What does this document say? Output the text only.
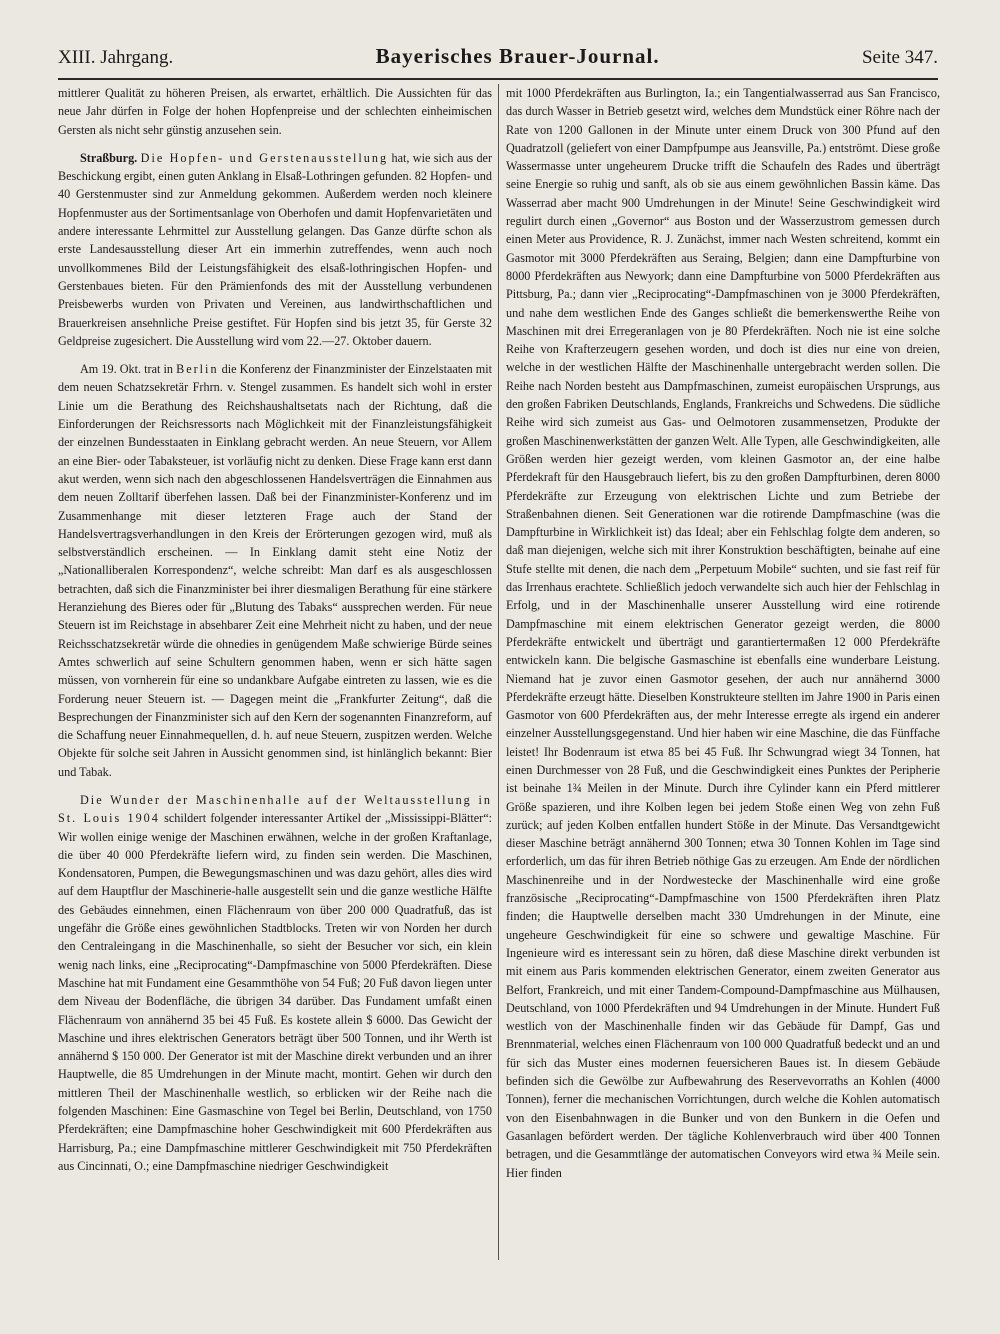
XIII. Jahrgang.	Bayerisches Brauer-Journal.	Seite 347.

mittlerer Qualität zu höheren Preisen, als erwartet, erhältlich. Die Aussichten für das neue Jahr dürfen in Folge der hohen Hopfenpreise und der schlechten einheimischen Gersten als nicht sehr günstig anzusehen sein.

Straßburg. Die Hopfen- und Gerstenausstellung hat, wie sich aus der Beschickung ergibt, einen guten Anklang in Elsaß-Lothringen gefunden. 82 Hopfen- und 40 Gerstenmuster sind zur Anmeldung gekommen. Außerdem werden noch kleinere Hopfenmuster aus der Sortimentsanlage von Oberhofen und damit Hopfenvarietäten und andere interessante Lehrmittel zur Ausstellung gelangen. Das Ganze dürfte schon als erste Landesausstellung dieser Art ein immerhin zutreffendes, wenn auch noch unvollkommenes Bild der Leistungsfähigkeit des elsaß-lothringischen Hopfen- und Gerstenbaues bieten. Für den Prämienfonds des mit der Ausstellung verbundenen Preisbewerbs wurden von Privaten und Vereinen, aus landwirthschaftlichen und Brauerkreisen ansehnliche Preise gestiftet. Für Hopfen sind bis jetzt 35, für Gerste 32 Geldpreise zugesichert. Die Ausstellung wird vom 22.—27. Oktober dauern.

Am 19. Okt. trat in Berlin die Konferenz der Finanzminister der Einzelstaaten mit dem neuen Schatzsekretär Frhrn. v. Stengel zusammen. Es handelt sich wohl in erster Linie um die Berathung des Reichshaushaltsetats nach der Richtung, daß die Einforderungen der Reichsressorts nach Möglichkeit mit der Finanzleistungsfähigkeit der einzelnen Bundesstaaten in Einklang gebracht werden. An neue Steuern, vor Allem an eine Bier- oder Tabaksteuer, ist vorläufig nicht zu denken. Diese Frage kann erst dann akut werden, wenn sich nach den abgeschlossenen Handelsverträgen die Einnahmen aus dem neuen Zolltarif überfehen lassen. Daß bei der Finanzminister-Konferenz und im Zusammenhange mit dieser letzteren Frage auch der Stand der Handelsvertragsverhandlungen in den Kreis der Erörterungen gezogen wird, muß als selbstverständlich erscheinen. — In Einklang damit steht eine Notiz der „Nationalliberalen Korrespondenz“, welche schreibt: Man darf es als ausgeschlossen betrachten, daß sich die Finanzminister bei ihrer diesmaligen Berathung für eine stärkere Heranziehung des Bieres oder für „Blutung des Tabaks“ aussprechen werden. Für neue Steuern ist im Reichstage in absehbarer Zeit eine Mehrheit nicht zu haben, und der neue Reichsschatzsekretär würde die ohnedies in genügendem Maße schwierige Bürde seines Amtes schwerlich auf seine Schultern genommen haben, wenn er sich hätte sagen müssen, von vornherein für eine so undankbare Aufgabe eintreten zu lassen, wie es die Forderung neuer Steuern ist. — Dagegen meint die „Frankfurter Zeitung“, daß die Besprechungen der Finanzminister sich auf den Kern der sogenannten Finanzreform, auf die Schaffung neuer Einnahmequellen, d. h. auf neue Steuern, zuspitzen werden. Welche Objekte für solche seit Jahren in Aussicht genommen sind, ist hinlänglich bekannt: Bier und Tabak.

Die Wunder der Maschinenhalle auf der Weltausstellung in St. Louis 1904 schildert folgender interessanter Artikel der „Mississippi-Blätter“: Wir wollen einige wenige der Maschinen erwähnen, welche in der großen Kraftanlage, die über 40 000 Pferdekräfte liefern wird, zu finden sein werden. Die Maschinen, Kondensatoren, Pumpen, die Bewegungsmaschinen und was dazu gehört, alles dies wird auf dem Hauptflur der Maschinerie-halle ausgestellt sein und die ganze westliche Hälfte des Gebäudes einnehmen, einen Flächenraum von über 200 000 Quadratfuß, das ist ungefähr die Größe eines gewöhnlichen Stadtblocks. Treten wir von Norden her durch den Centraleingang in die Maschinenhalle, so sieht der Besucher vor sich, ein klein wenig nach links, eine „Reciprocating“-Dampfmaschine von 5000 Pferdekräften. Diese Maschine hat mit Fundament eine Gesammthöhe von 54 Fuß; 20 Fuß davon liegen unter dem Niveau der Bodenfläche, die übrigen 34 darüber. Das Fundament umfaßt einen Flächenraum von annähernd 35 bei 45 Fuß. Es kostete allein $ 6000. Das Gewicht der Maschine und ihres elektrischen Generators beträgt über 500 Tonnen, und ihr Werth ist annähernd $ 150 000. Der Generator ist mit der Maschine direkt verbunden und an ihrer Hauptwelle, die 85 Umdrehungen in der Minute macht, montirt. Gehen wir durch den mittleren Theil der Maschinenhalle westlich, so erblicken wir der Reihe nach die folgenden Maschinen: Eine Gasmaschine von Tegel bei Berlin, Deutschland, von 1750 Pferdekräften; eine Dampfmaschine hoher Geschwindigkeit mit 600 Pferdekräften aus Harrisburg, Pa.; eine Dampfmaschine mittlerer Geschwindigkeit mit 750 Pferdekräften aus Cincinnati, O.; eine Dampfmaschine niedriger Geschwindigkeit

mit 1000 Pferdekräften aus Burlington, Ia.; ein Tangentialwasserrad aus San Francisco, das durch Wasser in Betrieb gesetzt wird, welches dem Mundstück einer Röhre nach der Rate von 1200 Gallonen in der Minute unter einem Druck von 300 Pfund auf den Quadratzoll (geliefert von einer Dampfpumpe aus Jeansville, Pa.) entströmt. Diese große Wassermasse unter ungeheurem Drucke trifft die Schaufeln des Rades und überträgt seine Energie so ruhig und sanft, als ob sie aus einem gewöhnlichen Bassin käme. Das Wasserrad aber macht 900 Umdrehungen in der Minute! Seine Geschwindigkeit wird regulirt durch einen „Governor“ aus Boston und der Wasserzustrom gemessen durch einen Meter aus Providence, R. J. Zunächst, immer nach Westen schreitend, kommt ein Gasmotor mit 3000 Pferdekräften aus Seraing, Belgien; dann eine Dampfturbine von 8000 Pferdekräften aus Newyork; dann eine Dampfturbine von 5000 Pferdekräften aus Pittsburg, Pa.; dann vier „Reciprocating“-Dampfmaschinen von je 3000 Pferdekräften, und nahe dem westlichen Ende des Ganges schließt die bemerkenswerthe Reihe von Maschinen mit drei Erregeranlagen von je 80 Pferdekräften. Noch nie ist eine solche Reihe von Krafterzeugern gesehen worden, und doch ist dies nur eine von dreien, welche in der westlichen Hälfte der Maschinenhalle untergebracht werden sollen. Die Reihe nach Norden besteht aus Dampfmaschinen, zumeist europäischen Ursprungs, aus den großen Fabriken Deutschlands, Englands, Frankreichs und Schwedens. Die südliche Reihe wird sich zumeist aus Gas- und Oelmotoren zusammensetzen, Produkte der großen Maschinenwerkstätten der ganzen Welt. Alle Typen, alle Geschwindigkeiten, alle Größen werden hier gezeigt werden, vom kleinen Gasmotor an, der eine halbe Pferdekraft für den Hausgebrauch liefert, bis zu den großen Dampfturbinen, deren 8000 Pferdekräfte zur Erzeugung von elektrischen Lichte und zum Betriebe der Straßenbahnen dienen. Seit Generationen war die rotirende Dampfmaschine (was die Dampfturbine in Wirklichkeit ist) das Ideal; aber ein Fehlschlag folgte dem anderen, so daß man diejenigen, welche sich mit ihrer Konstruktion beschäftigten, beinahe auf eine Stufe stellte mit denen, die nach dem „Perpetuum Mobile“ suchten, und sie fast reif für das Irrenhaus erachtete. Schließlich jedoch verwandelte sich auch hier der Fehlschlag in Erfolg, und in der Maschinenhalle unserer Ausstellung wird eine rotirende Dampfmaschine mit einem elektrischen Generator gezeigt werden, die 8000 Pferdekräfte entwickelt und überträgt und garantiertermaßen 12 000 Pferdekräfte entwickeln kann. Die belgische Gasmaschine ist ebenfalls eine wunderbare Leistung. Niemand hat je zuvor einen Gasmotor gesehen, der auch nur annähernd 3000 Pferdekräfte erzeugt hätte. Dieselben Konstrukteure stellten im Jahre 1900 in Paris einen Gasmotor von 600 Pferdekräften aus, der mehr Interesse erregte als irgend ein anderer einzelner Ausstellungsgegenstand. Und hier haben wir eine Maschine, die das Fünffache leistet! Ihr Bodenraum ist etwa 85 bei 45 Fuß. Ihr Schwungrad wiegt 34 Tonnen, hat einen Durchmesser von 28 Fuß, und die Geschwindigkeit eines Punktes der Peripherie ist beinahe 1¾ Meilen in der Minute. Durch ihre Cylinder kann ein Pferd mittlerer Größe spazieren, und ihre Kolben legen bei jedem Stoße einen Weg von zehn Fuß zurück; auf jeden Kolben entfallen hundert Stöße in der Minute. Das Versandtgewicht dieser Maschine beträgt annähernd 300 Tonnen; etwa 30 Tonnen Kohlen im Tage sind erforderlich, um das für ihren Betrieb nöthige Gas zu erzeugen. Am Ende der nördlichen Maschinenreihe und in der Nordwestecke der Maschinenhalle wird eine große französische „Reciprocating“-Dampfmaschine von 1500 Pferdekräften ihren Platz finden; die Hauptwelle derselben macht 330 Umdrehungen in der Minute, eine ungeheure Geschwindigkeit für eine so schwere und gewaltige Maschine. Für Ingenieure wird es interessant sein zu hören, daß diese Maschine direkt verbunden ist mit einem aus Paris kommenden elektrischen Generator, einem zweiten Generator aus Belfort, Frankreich, und mit einer Tandem-Compound-Dampfmaschine aus Mülhausen, Deutschland, von 1000 Pferdekräften und 94 Umdrehungen in der Minute. Hundert Fuß westlich von der Maschinenhalle finden wir das Gebäude für Dampf, Gas und Brennmaterial, welches einen Flächenraum von 100 000 Quadratfuß bedeckt und an und für sich das Muster eines modernen feuersicheren Baues ist. In diesem Gebäude befinden sich die Gewölbe zur Aufbewahrung des Reservevorraths an Kohlen (4000 Tonnen), ferner die mechanischen Vorrichtungen, durch welche die Kohlen automatisch von den Eisenbahnwagen in die Bunker und von den Bunkern in die Oefen und Gasanlagen befördert werden. Der tägliche Kohlenverbrauch wird über 400 Tonnen betragen, und die Gesammtlänge der automatischen Conveyors wird etwa ¾ Meile sein. Hier finden
